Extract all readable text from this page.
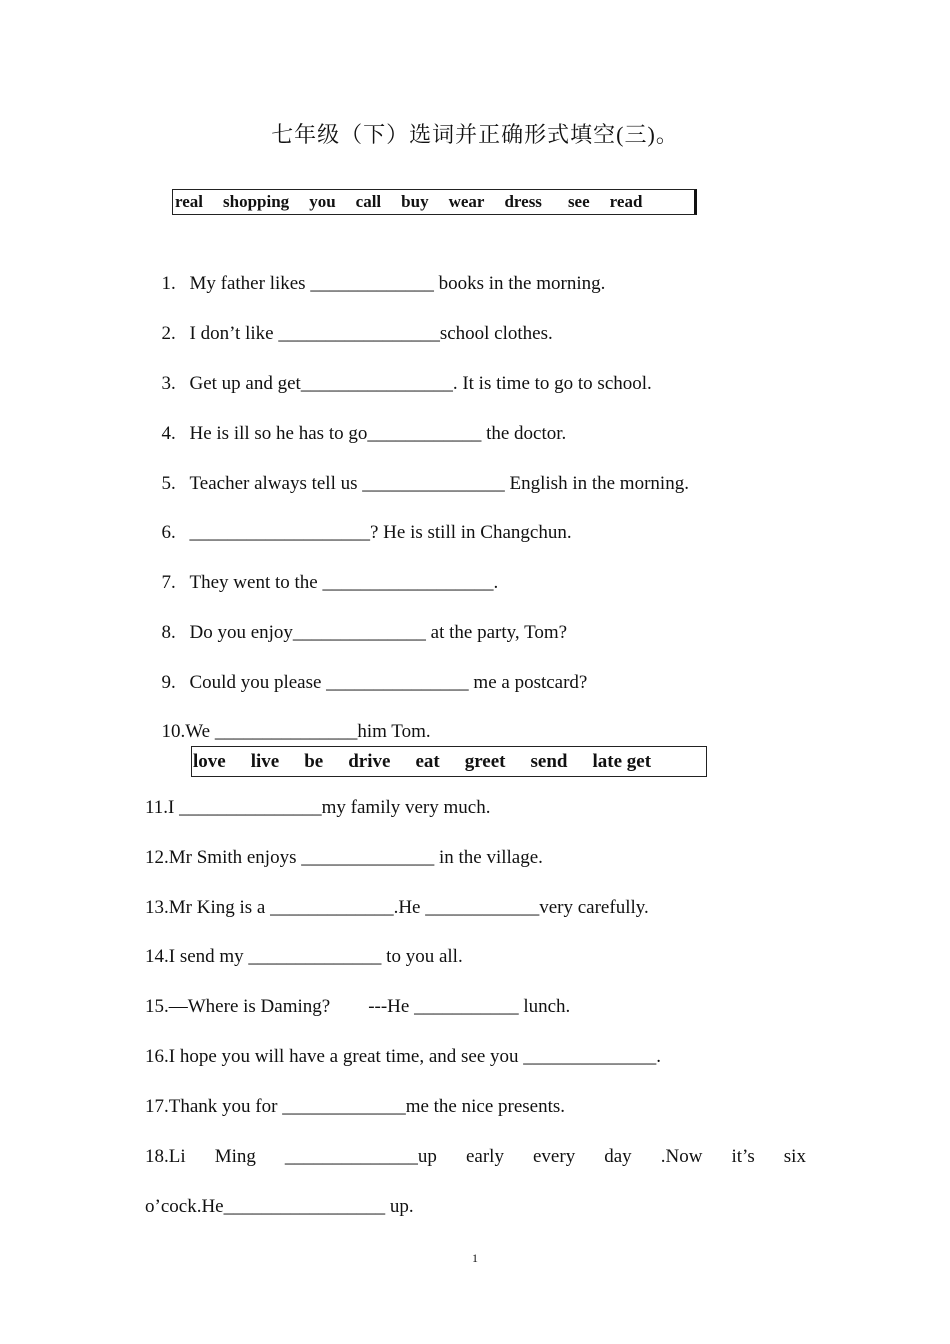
七年级（下）选词并正确形式填空(三)。
real shopping you call buy wear dress see read

1. My father likes _____________ books in the morning.

2. I don’t like _________________school clothes.

3. Get up and get________________. It is time to go to school.

4. He is ill so he has to go____________ the doctor.

5. Teacher always tell us _______________ English in the morning.

6. ___________________? He is still in Changchun.

7. They went to the __________________.

8. Do you enjoy______________ at the party, Tom?

9. Could you please _______________ me a postcard?

10.We _______________him Tom.

love live be drive eat greet send late get
11.I _______________my family very much.
12.Mr Smith enjoys ______________ in the village.
13.Mr King is a _____________.He ____________very carefully.
14.I send my ______________ to you all.
15.—Where is Daming?        ---He ___________ lunch.
16.I hope you will have a great time, and see you ______________.
17.Thank you for _____________me the nice presents.
18.Li Ming ______________up early every day .Now it’s six
o’cock.He_________________ up.
1
